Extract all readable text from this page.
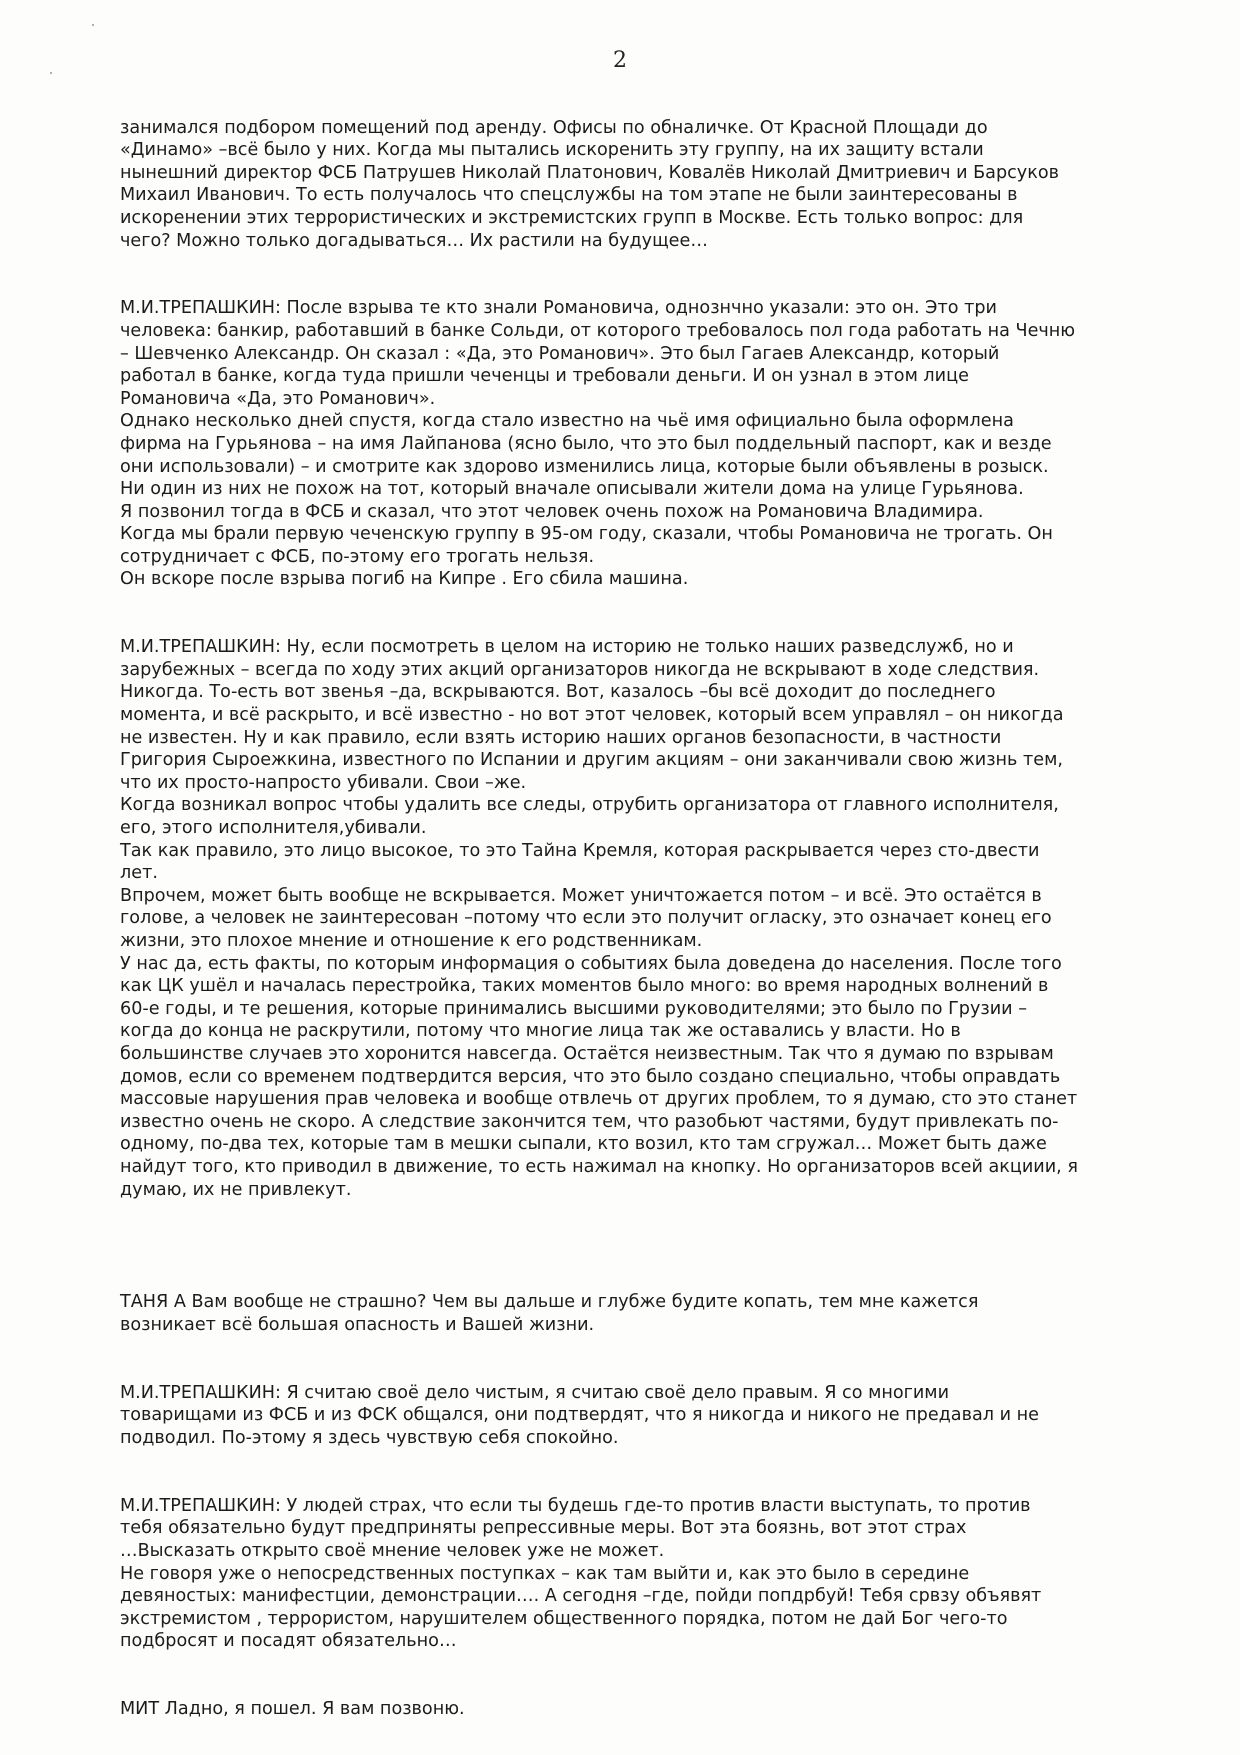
2

занимался подбором помещений под аренду. Офисы по обналичке. От Красной Площади до
«Динамо» –всё было у них. Когда мы пытались искоренить эту группу, на их защиту встали
нынешний директор ФСБ Патрушев Николай Платонович, Ковалёв Николай Дмитриевич и Барсуков
Михаил Иванович. То есть получалось что спецслужбы на том этапе не были заинтересованы в
искоренении этих террористических и экстремистских групп в Москве. Есть только вопрос: для
чего? Можно только догадываться… Их растили на будущее…

М.И.ТРЕПАШКИН: После взрыва те кто знали Романовича, однознчно указали: это он. Это три
человека: банкир, работавший в банке Сольди, от которого требовалось пол года работать на Чечню
– Шевченко Александр. Он сказал : «Да, это Романович». Это был Гагаев Александр, который
работал в банке, когда туда пришли чеченцы и требовали деньги. И он узнал в этом лице
Романовича «Да, это Романович».
Однако несколько дней спустя, когда стало известно на чьё имя официально была оформлена
фирма на Гурьянова – на имя Лайпанова (ясно было, что это был поддельный паспорт, как и везде
они использовали) – и смотрите как здорово изменились лица, которые были объявлены в розыск.
Ни один из них не похож на тот, который вначале описывали жители дома на улице Гурьянова.
Я позвонил тогда в ФСБ и сказал, что этот человек очень похож на Романовича Владимира.
Когда мы брали первую чеченскую группу в 95-ом году, сказали, чтобы Романовича не трогать. Он
сотрудничает с ФСБ, по-этому его трогать нельзя.
Он вскоре после взрыва погиб на Кипре . Его сбила машина.

М.И.ТРЕПАШКИН: Ну, если посмотреть в целом на историю не только наших разведслужб, но и
зарубежных – всегда по ходу этих акций организаторов никогда не вскрывают в ходе следствия.
Никогда. То-есть вот звенья –да, вскрываются. Вот, казалось –бы всё доходит до последнего
момента, и всё раскрыто, и всё известно - но вот этот человек, который всем управлял – он никогда
не известен. Ну и как правило, если взять историю наших органов безопасности, в частности
Григория Сыроежкина, известного по Испании и другим акциям – они заканчивали свою жизнь тем,
что их просто-напросто убивали. Свои –же.
Когда возникал вопрос чтобы удалить все следы, отрубить организатора от главного исполнителя,
его, этого исполнителя,убивали.
Так как правило, это лицо высокое, то это Тайна Кремля, которая раскрывается через сто-двести
лет.
Впрочем, может быть вообще не вскрывается. Может уничтожается потом – и всё. Это остаётся в
голове, а человек не заинтересован –потому что если это получит огласку, это означает конец его
жизни, это плохое мнение и отношение к его родственникам.
У нас да, есть факты, по которым информация о событиях была доведена до населения. После того
как ЦК ушёл и началась перестройка, таких моментов было много: во время народных волнений в
60-е годы, и те решения, которые принимались высшими руководителями; это было по Грузии –
когда до конца не раскрутили, потому что многие лица так же оставались у власти. Но в
большинстве случаев это хоронится навсегда. Остаётся неизвестным. Так что я думаю по взрывам
домов, если со временем подтвердится версия, что это было создано специально, чтобы оправдать
массовые нарушения прав человека и вообще отвлечь от других проблем, то я думаю, сто это станет
известно очень не скоро. А следствие закончится тем, что разобьют частями, будут привлекать по-
одному, по-два тех, которые там в мешки сыпали, кто возил, кто там сгружал… Может быть даже
найдут того, кто приводил в движение, то есть нажимал на кнопку. Но организаторов всей акциии, я
думаю, их не привлекут.

ТАНЯ А Вам вообще не страшно? Чем вы дальше и глубже будите копать, тем мне кажется
возникает всё большая опасность и Вашей жизни.

М.И.ТРЕПАШКИН: Я считаю своё дело чистым, я считаю своё дело правым. Я со многими
товарищами из ФСБ и из ФСК общался, они подтвердят, что я никогда и никого не предавал и не
подводил. По-этому я здесь чувствую себя спокойно.

М.И.ТРЕПАШКИН: У людей страх, что если ты будешь где-то против власти выступать, то против
тебя обязательно будут предприняты репрессивные меры. Вот эта боязнь, вот этот страх
…Высказать открыто своё мнение человек уже не может.
Не говоря уже о непосредственных поступках – как там выйти и, как это было в середине
девяностых: манифестции, демонстрации…. А сегодня –где, пойди попдрбуй! Тебя срвзу объявят
экстремистом , террористом, нарушителем общественного порядка, потом не дай Бог чего-то
подбросят и посадят обязательно…

МИТ Ладно, я пошел. Я вам позвоню.
